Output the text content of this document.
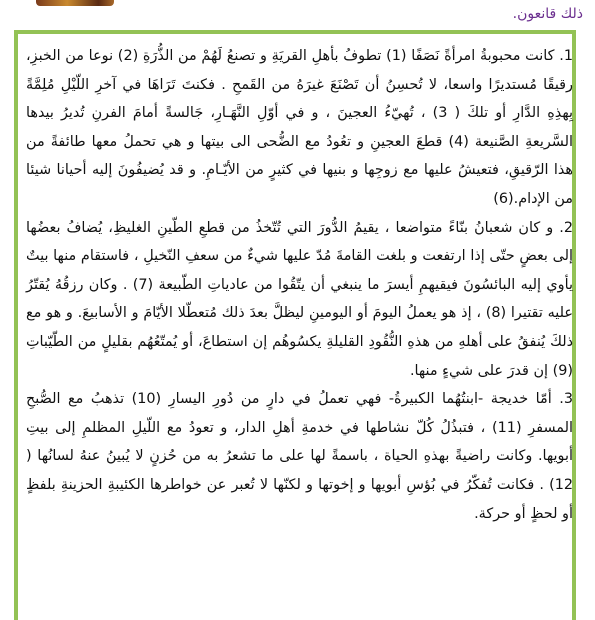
ذلك قانعون.

1. كانت محبوبةُ امرأةً نَصَفًا (1) تطوفُ بأهلِ القريَةِ و تصنعُ لَهُمْ من الذُّرَةِ (2) نوعا من الخبزِ، رقيقًا مُستديرًا واسعا، لا تُحسِنُ أن تَصْنَعَ غيرَهُ من القَمحِ . فكنتَ تَرَاهَا في آخرِ اللّيْلِ مُلِمَّةً بِهذِهِ الدَّارِ أو تلكَ ( 3) ، تُهيّءُ العجينَ ، و في أوّلِ النَّهَـارِ، جَالسةً أمامَ الفرنِ تُديرُ بيدها السَّريعةِ الصَّنيعة (4) قطعَ العجينِ و تعُودُ مع الضُّحى الى بيتها و هي تحملُ معها طائفةً من هذا الرّقيقِ، فتعيشُ عليها مع زوجِها و بنيها في كثيرٍ من الأيّـامِ. و قد يُضيفُونَ إليه أحيانا شيئا من الإدام.(6)

2. و كان شعبانُ بنّاءً متواضعا ، يقيمُ الدُّورَ التي تُتّخذُ من قطعِ الطّينِ الغليظِ، يُضافُ بعضُها إلى بعضٍ حتّى إذا ارتفعت و بلغت القامةَ مُدّ عليها شيءٌ من سعفِ النّخيلِ ، فاستقام منها بيتٌ يأوي إليه البائسُونَ فيقيهمِ أيسرَ ما ينبغي أن يتّقُوا من عادياتِ الطّبيعة (7) . وكان رزقُهُ يُقتّرُ عليه تقتيرا (8) ، إذ هو يعملُ اليومَ أو اليومينِ ليظلَّ بعدَ ذلك مُتعطّلا الأيّامَ و الأسابيعَ. و هو مع ذلكَ يُنفقُ على أهلهِ من هذهِ النُّقُودِ القليلةِ يكسُوهُم إن استطاعَ، أو يُمتّعُهُم بقليلٍ من الطّيّباتِ (9) إن قدرَ على شيءٍ منها.

3. أمّا خديجة -ابنتُهُما الكبيرةُ- فهي تعملُ في دارٍ من دُورِ اليسارِ (10) تذهبُ مع الصُّبحِ المسفرِ (11) ، فتبذُلُ كُلّ نشاطها في خدمةِ أهلِ الدار، و تعودُ مع اللّيلِ المظلمِ إلى بيتِ أبويها. وكانت راضيةً بهذهِ الحياة ، باسمةً لها على ما تشعرُ به من حُزنٍ لا يُبينُ عنهُ لسانُها ( 12) . فكانت تُفكّرُ في بُؤسِ أبويها و إخوتها و لكنّها لا تُعبر عن خواطرها الكئيبةِ الحزينةِ بلفظٍ أو لحظٍ أو حركة.
